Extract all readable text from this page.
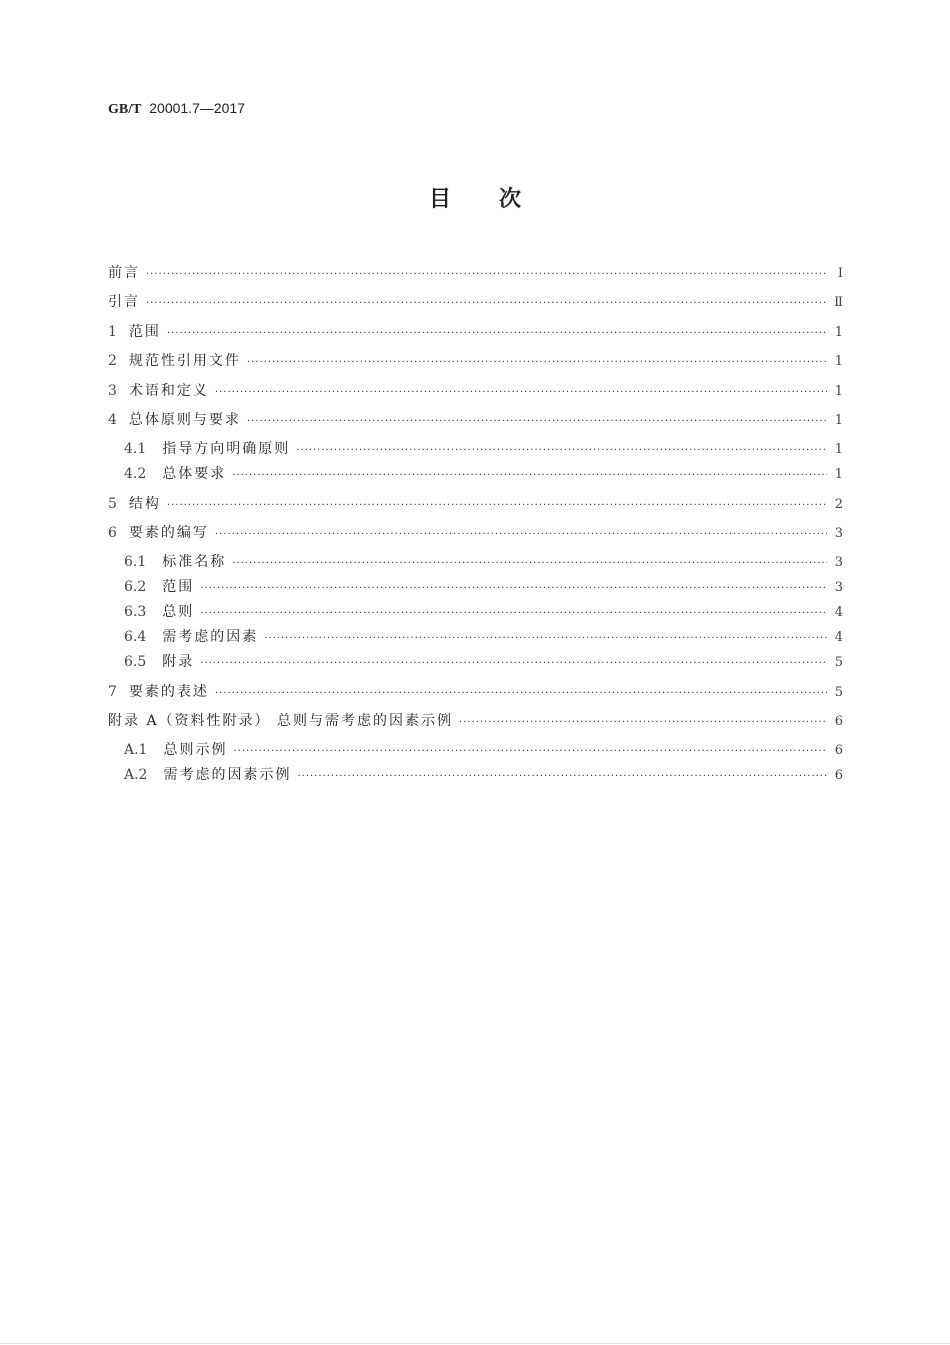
GB/T 20001.7—2017
目次
前言 ·····	Ⅰ
引言 ·····	Ⅱ
1 范围 ·····	1
2 规范性引用文件 ·····	1
3 术语和定义 ·····	1
4 总体原则与要求 ·····	1
4.1 指导方向明确原则 ·····	1
4.2 总体要求 ·····	1
5 结构 ·····	2
6 要素的编写 ·····	3
6.1 标准名称 ·····	3
6.2 范围 ·····	3
6.3 总则 ·····	4
6.4 需考虑的因素 ·····	4
6.5 附录 ·····	5
7 要素的表述 ·····	5
附录 A（资料性附录） 总则与需考虑的因素示例 ·····	6
A.1 总则示例 ·····	6
A.2 需考虑的因素示例 ·····	6
